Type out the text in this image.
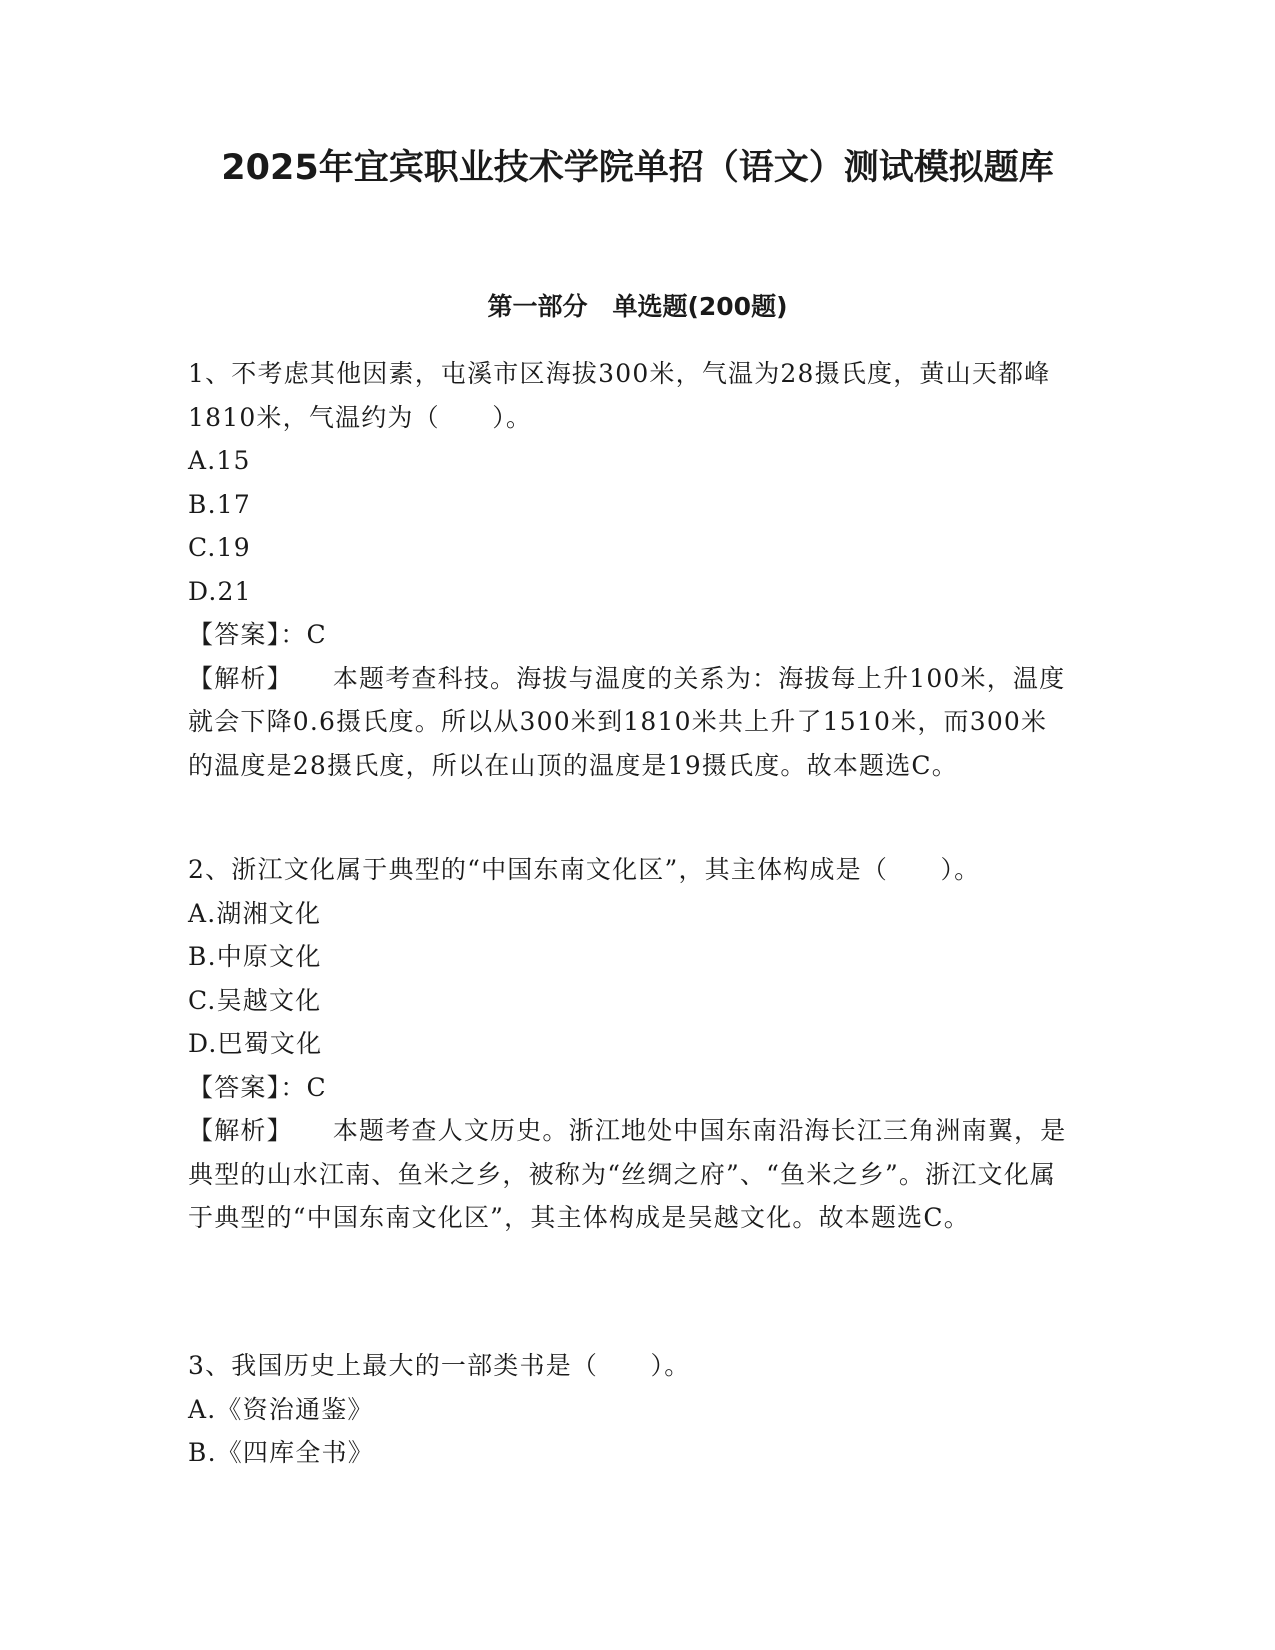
2025年宜宾职业技术学院单招（语文）测试模拟题库
第一部分　单选题(200题)

1、不考虑其他因素，屯溪市区海拔300米，气温为28摄氏度，黄山天都峰1810米，气温约为（　　）。

A.15
B.17
C.19
D.21

【答案】：C

【解析】 本题考查科技。海拔与温度的关系为：海拔每上升100米，温度就会下降0.6摄氏度。所以从300米到1810米共上升了1510米，而300米的温度是28摄氏度，所以在山顶的温度是19摄氏度。故本题选C。

2、浙江文化属于典型的“中国东南文化区”，其主体构成是（　　）。

A.湖湘文化
B.中原文化
C.吴越文化
D.巴蜀文化

【答案】：C

【解析】 本题考查人文历史。浙江地处中国东南沿海长江三角洲南翼，是典型的山水江南、鱼米之乡，被称为“丝绸之府”、“鱼米之乡”。浙江文化属于典型的“中国东南文化区”，其主体构成是吴越文化。故本题选C。

3、我国历史上最大的一部类书是（　　）。

A.《资治通鉴》
B.《四库全书》
